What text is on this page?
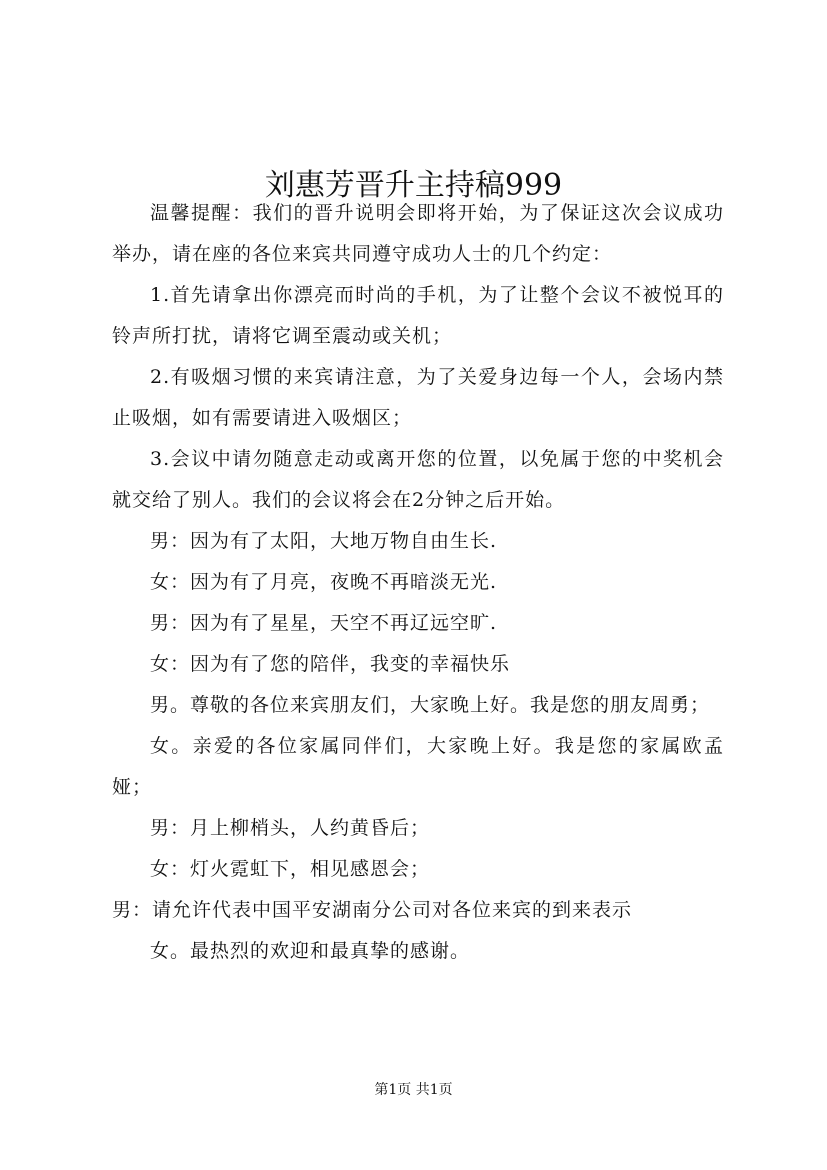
刘惠芳晋升主持稿999

温馨提醒：我们的晋升说明会即将开始，为了保证这次会议成功举办，请在座的各位来宾共同遵守成功人士的几个约定：

1.首先请拿出你漂亮而时尚的手机，为了让整个会议不被悦耳的铃声所打扰，请将它调至震动或关机；

2.有吸烟习惯的来宾请注意，为了关爱身边每一个人，会场内禁止吸烟，如有需要请进入吸烟区；

3.会议中请勿随意走动或离开您的位置，以免属于您的中奖机会就交给了别人。我们的会议将会在2分钟之后开始。

男：因为有了太阳，大地万物自由生长.

女：因为有了月亮，夜晚不再暗淡无光.

男：因为有了星星，天空不再辽远空旷.

女：因为有了您的陪伴，我变的幸福快乐

男。尊敬的各位来宾朋友们，大家晚上好。我是您的朋友周勇；

女。亲爱的各位家属同伴们，大家晚上好。我是您的家属欧孟娅；

男：月上柳梢头，人约黄昏后；

女：灯火霓虹下，相见感恩会；

男：请允许代表中国平安湖南分公司对各位来宾的到来表示

女。最热烈的欢迎和最真挚的感谢。

第1页 共1页
